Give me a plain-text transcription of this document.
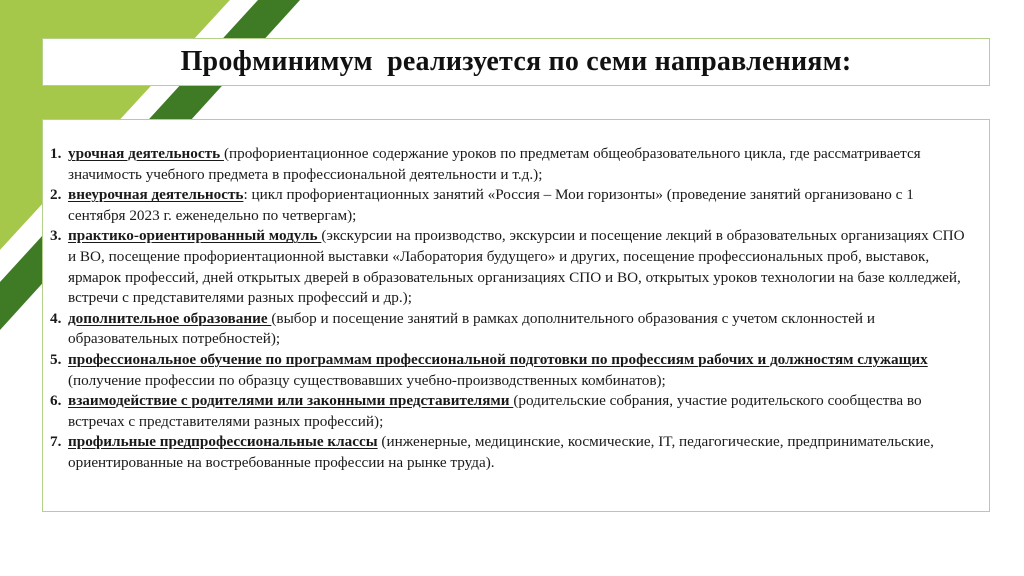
Профминимум  реализуется по семи направлениям:
1. урочная деятельность (профориентационное содержание уроков по предметам общеобразовательного цикла, где рассматривается значимость учебного предмета в профессиональной деятельности и т.д.);
2. внеурочная деятельность: цикл профориентационных занятий «Россия – Мои горизонты» (проведение занятий организовано с 1 сентября 2023 г. еженедельно по четвергам);
3. практико-ориентированный модуль (экскурсии на производство, экскурсии и посещение лекций в образовательных организациях СПО и ВО, посещение профориентационной выставки «Лаборатория будущего» и других, посещение профессиональных проб, выставок, ярмарок профессий, дней открытых дверей в образовательных организациях СПО и ВО, открытых уроков технологии на базе колледжей, встречи с представителями разных профессий и др.);
4. дополнительное образование (выбор и посещение занятий в рамках дополнительного образования с учетом склонностей и образовательных потребностей);
5. профессиональное обучение по программам профессиональной подготовки по профессиям рабочих и должностям служащих (получение профессии по образцу существовавших учебно-производственных комбинатов);
6. взаимодействие с родителями или законными представителями (родительские собрания, участие родительского сообщества во встречах с представителями разных профессий);
7. профильные предпрофессиональные классы (инженерные, медицинские, космические, IT, педагогические, предпринимательские, ориентированные на востребованные профессии на рынке труда).
